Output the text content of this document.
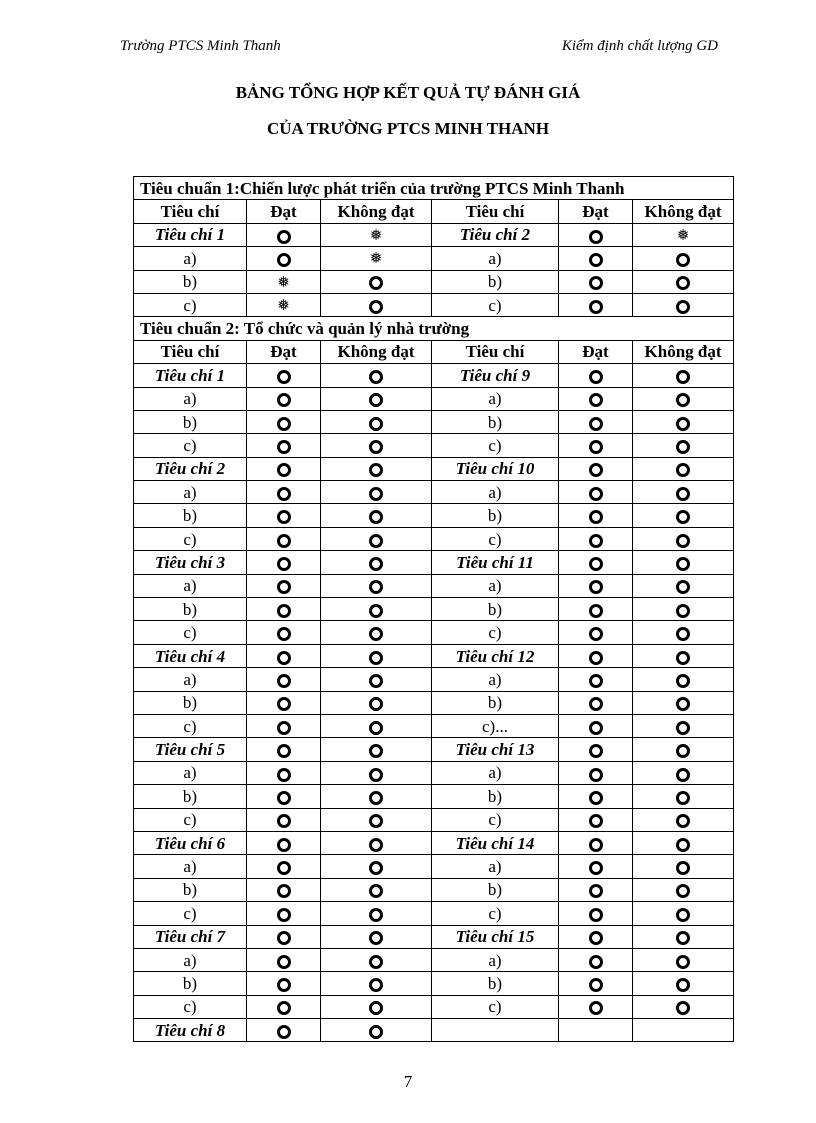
Trường PTCS Minh Thanh	Kiểm định chất lượng GD
BẢNG TỔNG HỢP KẾT QUẢ TỰ ĐÁNH GIÁ
CỦA TRƯỜNG PTCS MINH THANH
Tiêu chuẩn 1:Chiến lược phát triển của trường PTCS Minh Thanh					
Tiêu chí	Đạt	Không đạt	Tiêu chí	Đạt	Không đạt
Tiêu chí 1		❅	Tiêu chí 2		❅
a)		❅	a)		
b)	❅		b)		
c)	❅		c)		
Tiêu chuẩn 2: Tổ chức và quản lý nhà trường					
Tiêu chí	Đạt	Không đạt	Tiêu chí	Đạt	Không đạt
Tiêu chí 1			Tiêu chí 9		
a)			a)		
b)			b)		
c)			c)		
Tiêu chí 2			Tiêu chí 10		
a)			a)		
b)			b)		
c)			c)		
Tiêu chí 3			Tiêu chí 11		
a)			a)		
b)			b)		
c)			c)		
Tiêu chí 4			Tiêu chí 12		
a)			a)		
b)			b)		
c)			c)...		
Tiêu chí 5			Tiêu chí 13		
a)			a)		
b)			b)		
c)			c)		
Tiêu chí 6			Tiêu chí 14		
a)			a)		
b)			b)		
c)			c)		
Tiêu chí 7			Tiêu chí 15		
a)			a)		
b)			b)		
c)			c)		
Tiêu chí 8					
7
